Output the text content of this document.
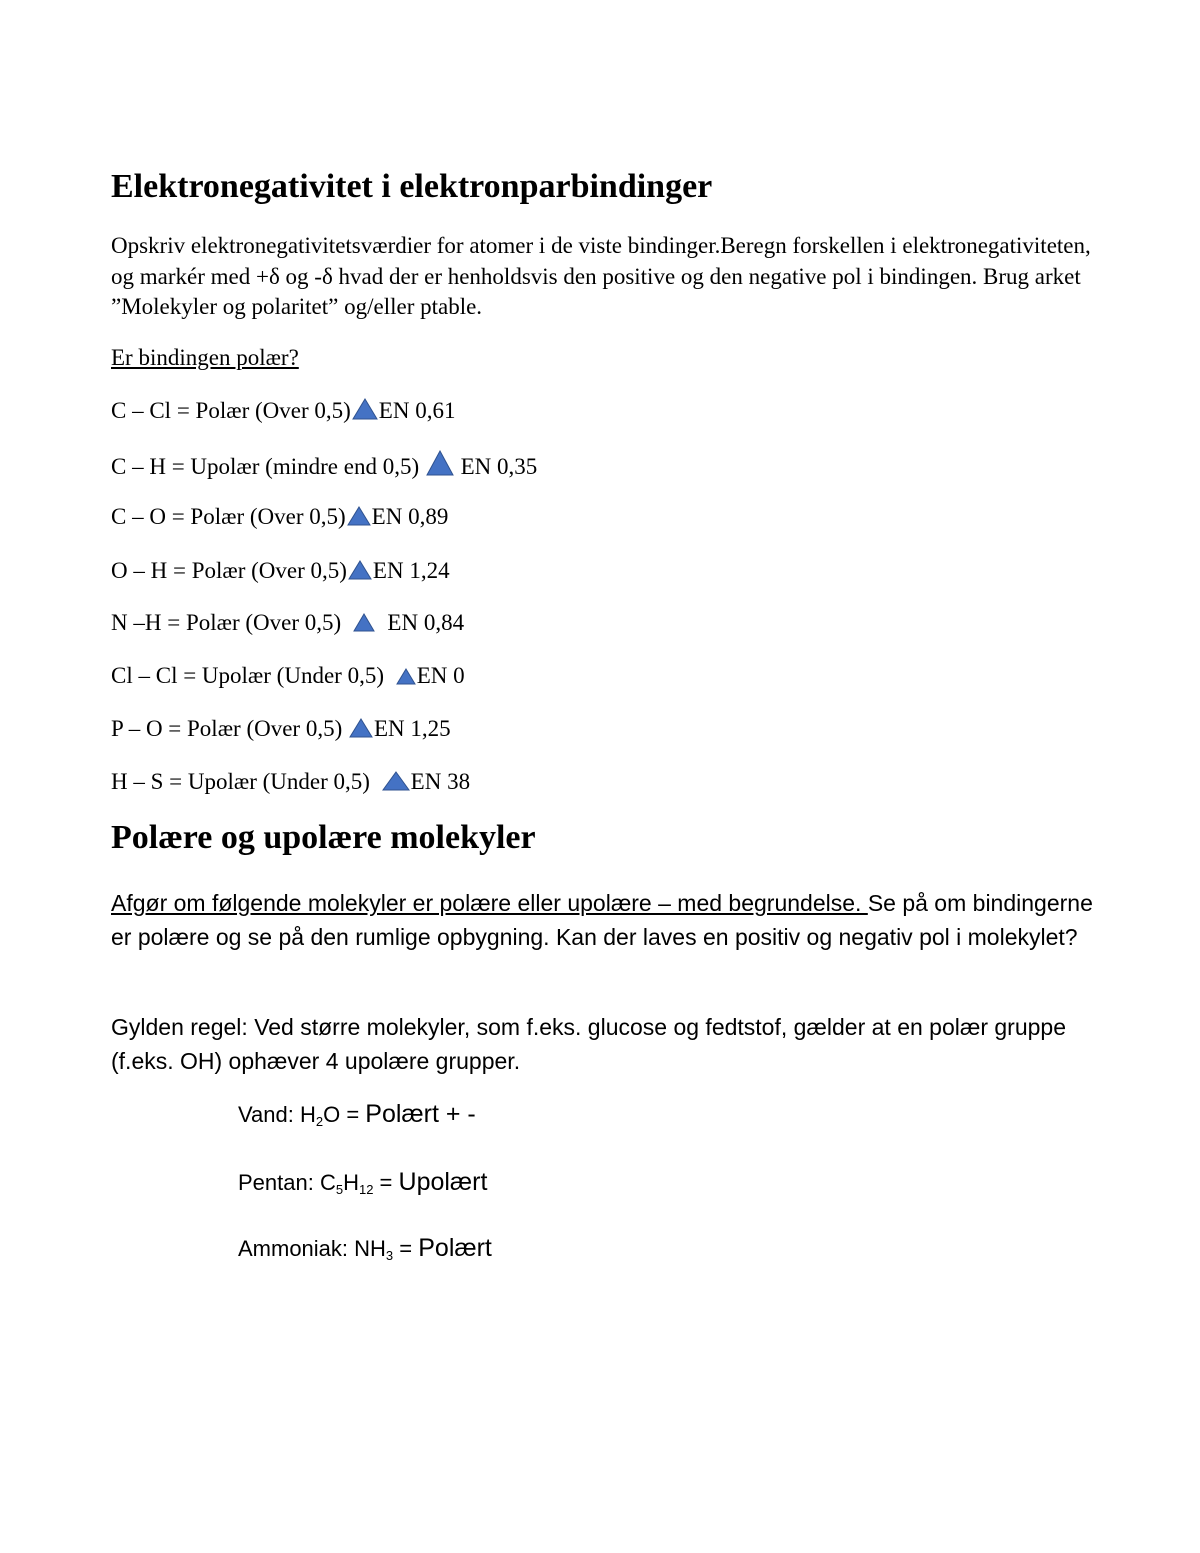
Elektronegativitet i elektronparbindinger

Opskriv elektronegativitetsværdier for atomer i de viste bindinger.Beregn forskellen i elektronegativiteten, og markér med +δ og -δ hvad der er henholdsvis den positive og den negative pol i bindingen. Brug arket ”Molekyler og polaritet” og/eller ptable.

Er bindingen polær?
C – Cl = Polær (Over 0,5) EN 0,61
C – H = Upolær (mindre end 0,5)
EN 0,35
C – O = Polær (Over 0,5) EN 0,89
O – H = Polær (Over 0,5) EN 1,24
N –H = Polær (Over 0,5)
EN 0,84
Cl – Cl = Upolær (Under 0,5)
EN 0
P – O = Polær (Over 0,5)
EN 1,25
H – S = Upolær (Under 0,5)
EN 38
Polære og upolære molekyler

Afgør om følgende molekyler er polære eller upolære – med begrundelse. Se på om bindingerne er polære og se på den rumlige opbygning. Kan der laves en positiv og negativ pol i molekylet?

Gylden regel: Ved større molekyler, som f.eks. glucose og fedtstof, gælder at en polær gruppe (f.eks. OH) ophæver 4 upolære grupper.

Vand: $H_2O$ = Polært + -
Pentan: $C_5H_{12}$ = Upolært
Ammoniak: $NH_3$ = Polært
